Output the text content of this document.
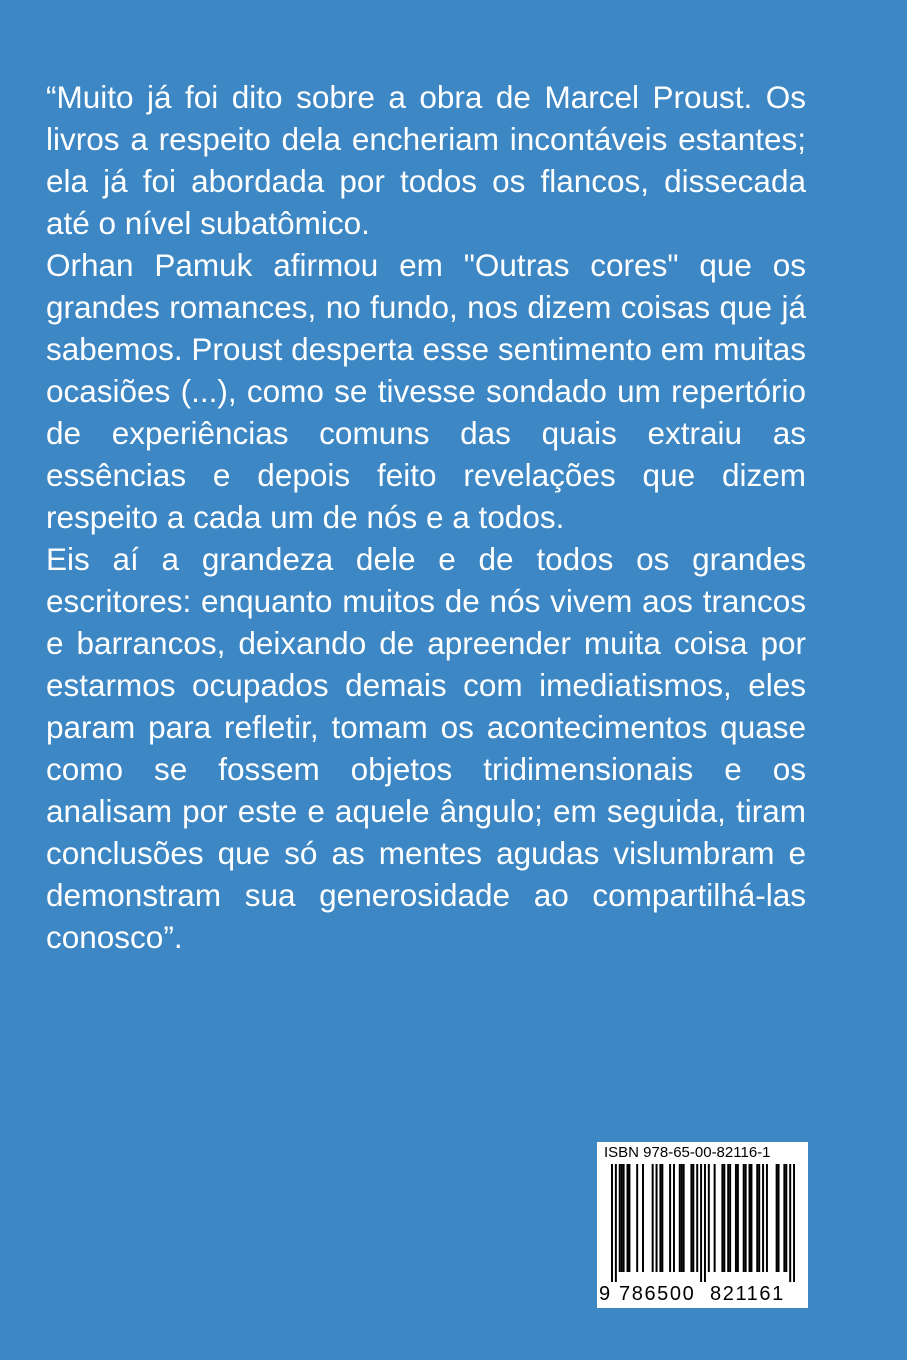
“Muito já foi dito sobre a obra de Marcel Proust. Os livros a respeito dela encheriam incontáveis estantes; ela já foi abordada por todos os flancos, dissecada até o nível subatômico.

Orhan Pamuk afirmou em "Outras cores" que os grandes romances, no fundo, nos dizem coisas que já sabemos. Proust desperta esse sentimento em muitas ocasiões (...), como se tivesse sondado um repertório de experiências comuns das quais extraiu as essências e depois feito revelações que dizem respeito a cada um de nós e a todos.

Eis aí a grandeza dele e de todos os grandes escritores: enquanto muitos de nós vivem aos trancos e barrancos, deixando de apreender muita coisa por estarmos ocupados demais com imediatismos, eles param para refletir, tomam os acontecimentos quase como se fossem objetos tridimensionais e os analisam por este e aquele ângulo; em seguida, tiram conclusões que só as mentes agudas vislumbram e demonstram sua generosidade ao compartilhá-las conosco”.

ISBN 978-65-00-82116-1
9 786500 821161
